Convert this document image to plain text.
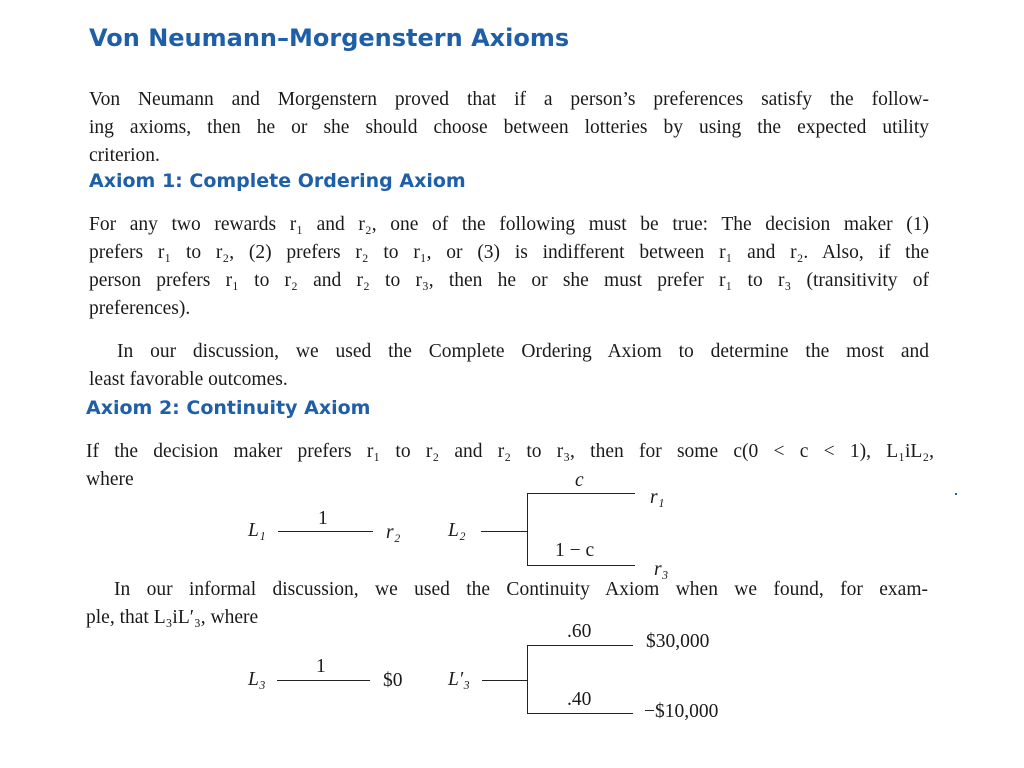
Von Neumann–Morgenstern Axioms
Von Neumann and Morgenstern proved that if a person’s preferences satisfy the follow-
ing axioms, then he or she should choose between lotteries by using the expected utility
criterion.
Axiom 1: Complete Ordering Axiom
For any two rewards r₁ and r₂, one of the following must be true: The decision maker (1)
prefers r₁ to r₂, (2) prefers r₂ to r₁, or (3) is indifferent between r₁ and r₂. Also, if the
person prefers r₁ to r₂ and r₂ to r₃, then he or she must prefer r₁ to r₃ (transitivity of
preferences).
In our discussion, we used the Complete Ordering Axiom to determine the most and
least favorable outcomes.
Axiom 2: Continuity Axiom
If the decision maker prefers r₁ to r₂ and r₂ to r₃, then for some c(0 < c < 1), L₁iL₂,
where
L₁
1
r₂ L₂
c
r₁
1 − c
r₃
In our informal discussion, we used the Continuity Axiom when we found, for exam-
ple, that L₃iL′₃, where
L₃
1
$0 L′₃
.60	$30,000
.40
−$10,000
